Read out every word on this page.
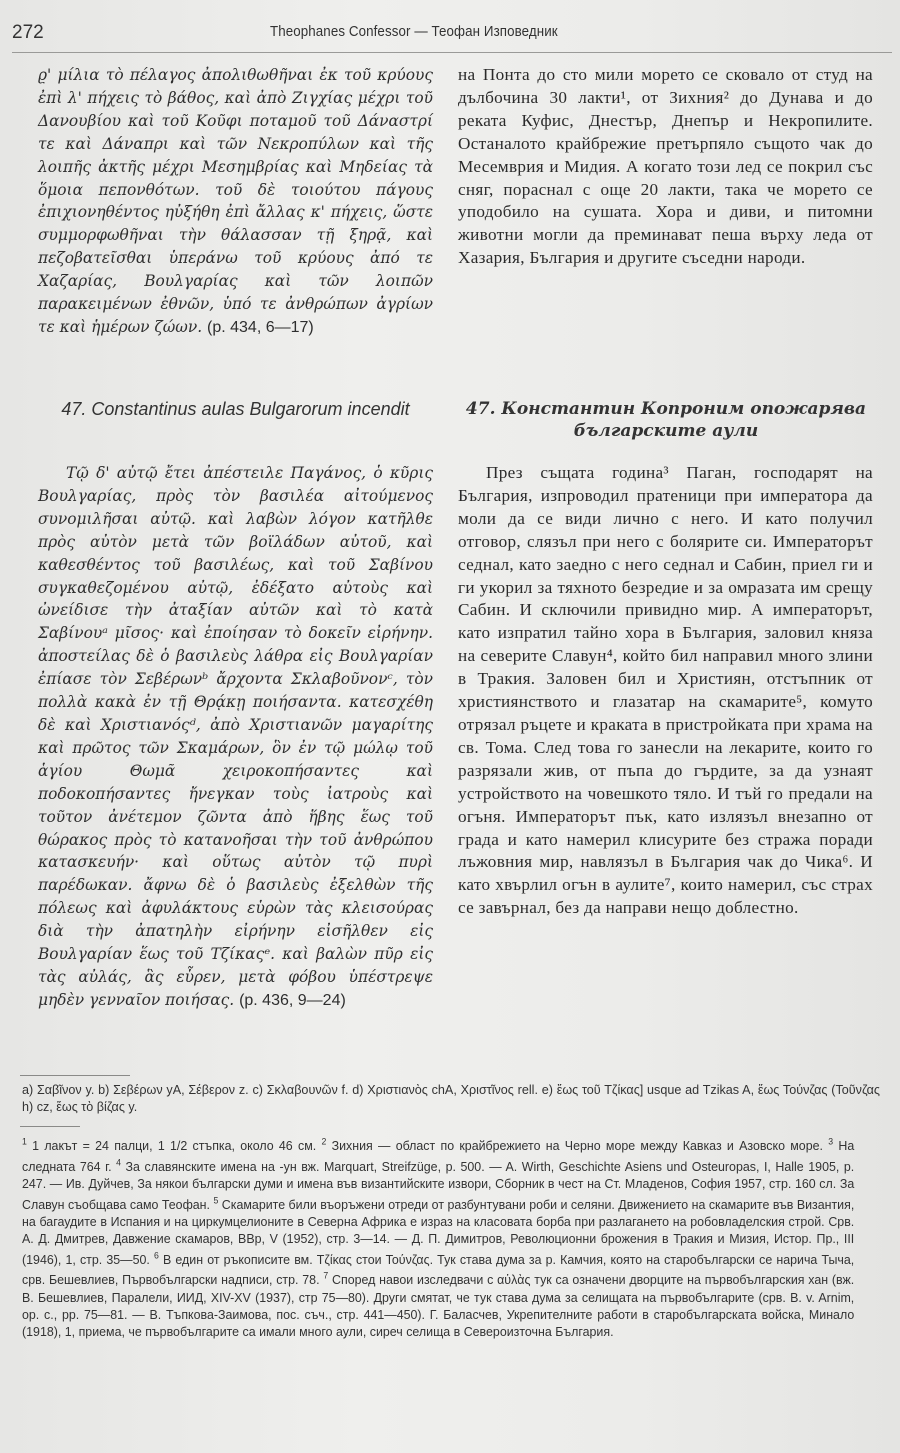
272	Theophanes Confessor — Теофан Изповедник

ϱ' μίλια τὸ πέλαγος ἀπολιθωθῆναι ἐκ τοῦ κρύους ἐπὶ λ' πήχεις τὸ βάθος, καὶ ἀπὸ Ζιγχίας μέχρι τοῦ Δανουβίου καὶ τοῦ Κοῦφι ποταμοῦ τοῦ Δάναστρί τε καὶ Δάναπρι καὶ τῶν Νεκροπύλων καὶ τῆς λοιπῆς ἀκτῆς μέχρι Μεσημβρίας καὶ Μηδείας τὰ ὅμοια πεπονθότων. τοῦ δὲ τοιούτου πάγους ἐπιχιονηθέντος ηὐξήθη ἐπὶ ἄλλας κ' πήχεις, ὥστε συμμορφωθῆναι τὴν θάλασσαν τῇ ξηρᾷ, καὶ πεζοβατεῖσθαι ὑπεράνω τοῦ κρύους ἀπό τε Χαζαρίας, Βουλγαρίας καὶ τῶν λοιπῶν παρακειμένων ἐθνῶν, ὑπό τε ἀνθρώπων ἀγρίων τε καὶ ἡμέρων ζώων. (p. 434, 6—17)

на Понта до сто мили морето се сковало от студ на дълбочина 30 лакти¹, от Зихния² до Дунава и до реката Куфис, Днестър, Днепър и Некропилите. Останалото крайбрежие претърпяло същото чак до Месемврия и Мидия. А когато този лед се покрил със сняг, пораснал с още 20 лакти, така че морето се уподобило на сушата. Хора и диви, и питомни животни могли да преминават пеша върху леда от Хазария, България и другите съседни народи.

47. Constantinus aulas Bulgarorum incendit	47. Константин Копроним опожарява българските аули

Τῷ δ' αὐτῷ ἔτει ἀπέστειλε Παγάνος, ὁ κῦρις Βουλγαρίας, πρὸς τὸν βασιλέα αἰτούμενος συνομιλῆσαι αὐτῷ. καὶ λαβὼν λόγον κατῆλθε πρὸς αὐτὸν μετὰ τῶν βοϊλάδων αὐτοῦ, καὶ καθεσθέντος τοῦ βασιλέως, καὶ τοῦ Σαβίνου συγκαθεζομένου αὐτῷ, ἐδέξατο αὐτοὺς καὶ ὠνείδισε τὴν ἀταξίαν αὐτῶν καὶ τὸ κατὰ Σαβίνουᵃ μῖσος· καὶ ἐποίησαν τὸ δοκεῖν εἰρήνην. ἀποστείλας δὲ ὁ βασιλεὺς λάθρα εἰς Βουλγαρίαν ἐπίασε τὸν Σεβέρωνᵇ ἄρχοντα Σκλαβοῦνονᶜ, τὸν πολλὰ κακὰ ἐν τῇ Θρᾴκῃ ποιήσαντα. κατεσχέθη δὲ καὶ Χριστιανόςᵈ, ἀπὸ Χριστιανῶν μαγαρίτης καὶ πρῶτος τῶν Σκαμάρων, ὃν ἐν τῷ μώλῳ τοῦ ἁγίου Θωμᾶ χειροκοπήσαντες καὶ ποδοκοπήσαντες ἤνεγκαν τοὺς ἰατροὺς καὶ τοῦτον ἀνέτεμον ζῶντα ἀπὸ ἥβης ἕως τοῦ θώρακος πρὸς τὸ κατανοῆσαι τὴν τοῦ ἀνθρώπου κατασκευήν· καὶ οὕτως αὐτὸν τῷ πυρὶ παρέδωκαν. ἄφνω δὲ ὁ βασιλεὺς ἐξελθὼν τῆς πόλεως καὶ ἀφυλάκτους εὑρὼν τὰς κλεισούρας διὰ τὴν ἀπατηλὴν εἰρήνην εἰσῆλθεν εἰς Βουλγαρίαν ἕως τοῦ Τζίκαςᵉ. καὶ βαλὼν πῦρ εἰς τὰς αὐλάς, ἃς εὗρεν, μετὰ φόβου ὑπέστρεψε μηδὲν γενναῖον ποιήσας. (p. 436, 9—24)

През същата година³ Паган, господарят на България, изпроводил пратеници при императора да моли да се види лично с него. И като получил отговор, слязъл при него с болярите си. Императорът седнал, като заедно с него седнал и Сабин, приел ги и ги укорил за тяхното безредие и за омразата им срещу Сабин. И сключили привидно мир. А императорът, като изпратил тайно хора в България, заловил княза на северите Славун⁴, който бил направил много злини в Тракия. Заловен бил и Християн, отстъпник от християнството и глазатар на скамарите⁵, комуто отрязал ръцете и краката в пристройката при храма на св. Тома. След това го занесли на лекарите, които го разрязали жив, от пъпа до гърдите, за да узнаят устройството на човешкото тяло. И тъй го предали на огъня. Императорът пък, като излязъл внезапно от града и като намерил клисурите без стража поради лъжовния мир, навлязъл в България чак до Чика⁶. И като хвърлил огън в аулите⁷, които намерил, със страх се завърнал, без да направи нещо доблестно.

a) Σαβῖνον y. b) Σεβέρων yA, Σέβερον z. c) Σκλαβουνῶν f. d) Χριστιανὸς chA, Χριστῖνος rell. e) ἕως τοῦ Τζίκας] usque ad Tzikas A, ἕως Τούνζας (Τοῦνζας h) cz, ἕως τὸ βίζας y.

$^1$ 1 лакът = 24 палци, 1 1/2 стъпка, около 46 см. $^2$ Зихния — област по крайбрежието на Черно море между Кавказ и Азовско море. $^3$ На следната 764 г. $^4$ За славянските имена на -ун вж. Marquart, Streifzüge, p. 500. — A. Wirth, Geschichte Asiens und Osteuropas, I, Halle 1905, p. 247. — Ив. Дуйчев, За някои български думи и имена във византийските извори, Сборник в чест на Ст. Младенов, София 1957, стр. 160 сл. За Славун съобщава само Теофан. $^5$ Скамарите били въоръжени отреди от разбунтувани роби и селяни. Движението на скамарите във Византия, на багаудите в Испания и на циркумцелионите в Северна Африка е израз на класовата борба при разлагането на робовладелския строй. Срв. А. Д. Дмитрев, Давжение скамаров, ВВр, V (1952), стр. 3—14. — Д. П. Димитров, Революционни брожения в Тракия и Мизия, Истор. Пр., III (1946), 1, стр. 35—50. $^6$ В един от ръкописите вм. Τζίκας стои Τούνζας. Тук става дума за р. Камчия, която на старобългарски се нарича Тыча, срв. Бешевлиев, Първобългарски надписи, стр. 78. $^7$ Според навои изследвачи с αὐλὰς тук са означени дворците на първобългарския хан (вж. В. Бешевлиев, Паралели, ИИД, XIV-XV (1937), стр 75—80). Други смятат, че тук става дума за селищата на първобългарите (срв. B. v. Arnim, op. c., pp. 75—81. — В. Тъпкова-Заимова, пос. съч., стр. 441—450). Г. Баласчев, Укрепителните работи в старобългарската войска, Минало (1918), 1, приема, че първобългарите са имали много аули, сиреч селища в Североизточна България.
